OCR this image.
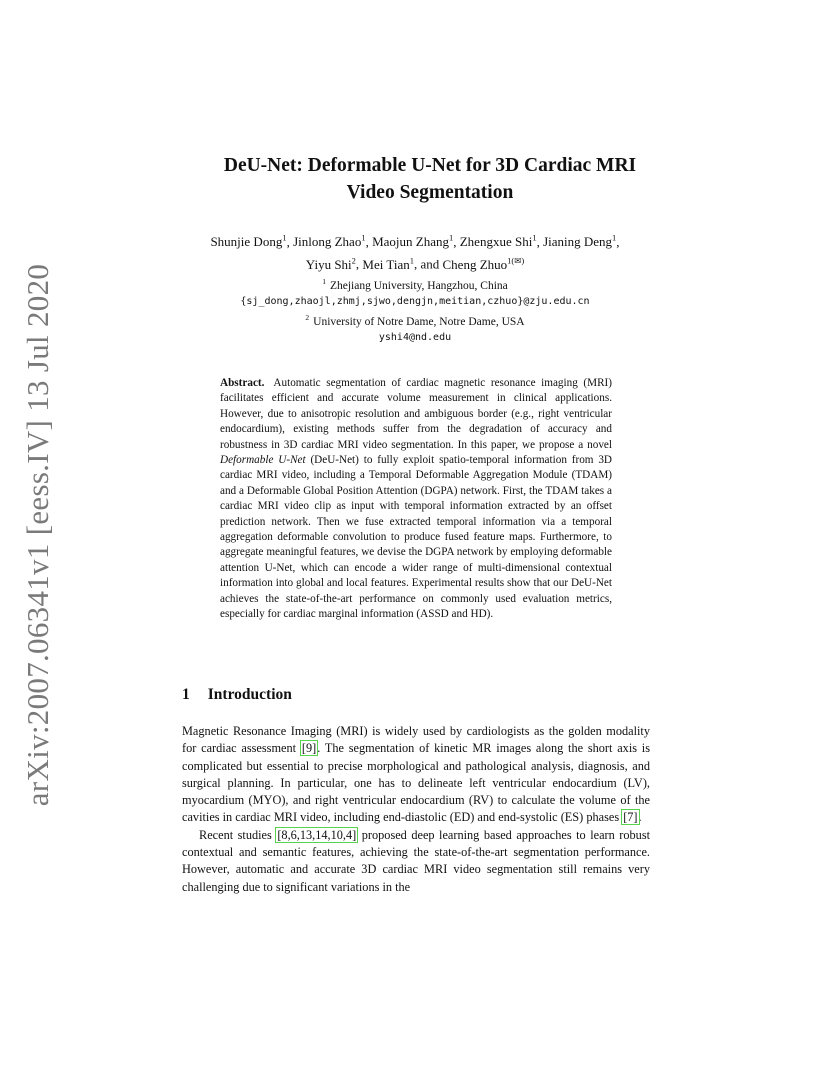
arXiv:2007.06341v1 [eess.IV] 13 Jul 2020
DeU-Net: Deformable U-Net for 3D Cardiac MRI
Video Segmentation
Shunjie Dong$^1$, Jinlong Zhao$^1$, Maojun Zhang$^1$, Zhengxue Shi$^1$, Jianing Deng$^1$,
Yiyu Shi$^2$, Mei Tian$^1$, and Cheng Zhuo$^{1(✉)}$
$^1$ Zhejiang University, Hangzhou, China
{sj_dong,zhaojl,zhmj,sjwo,dengjn,meitian,czhuo}@zju.edu.cn
$^2$ University of Notre Dame, Notre Dame, USA
yshi4@nd.edu
Abstract. Automatic segmentation of cardiac magnetic resonance imaging (MRI) facilitates efficient and accurate volume measurement in clinical applications. However, due to anisotropic resolution and ambiguous border (e.g., right ventricular endocardium), existing methods suffer from the degradation of accuracy and robustness in 3D cardiac MRI video segmentation. In this paper, we propose a novel Deformable U-Net (DeU-Net) to fully exploit spatio-temporal information from 3D cardiac MRI video, including a Temporal Deformable Aggregation Module (TDAM) and a Deformable Global Position Attention (DGPA) network. First, the TDAM takes a cardiac MRI video clip as input with temporal information extracted by an offset prediction network. Then we fuse extracted temporal information via a temporal aggregation deformable convolution to produce fused feature maps. Furthermore, to aggregate meaningful features, we devise the DGPA network by employing deformable attention U-Net, which can encode a wider range of multi-dimensional contextual information into global and local features. Experimental results show that our DeU-Net achieves the state-of-the-art performance on commonly used evaluation metrics, especially for cardiac marginal information (ASSD and HD).
1 Introduction

Magnetic Resonance Imaging (MRI) is widely used by cardiologists as the golden modality for cardiac assessment [9]. The segmentation of kinetic MR images along the short axis is complicated but essential to precise morphological and pathological analysis, diagnosis, and surgical planning. In particular, one has to delineate left ventricular endocardium (LV), myocardium (MYO), and right ventricular endocardium (RV) to calculate the volume of the cavities in cardiac MRI video, including end-diastolic (ED) and end-systolic (ES) phases [7].

Recent studies [8,6,13,14,10,4] proposed deep learning based approaches to learn robust contextual and semantic features, achieving the state-of-the-art segmentation performance. However, automatic and accurate 3D cardiac MRI video segmentation still remains very challenging due to significant variations in the
